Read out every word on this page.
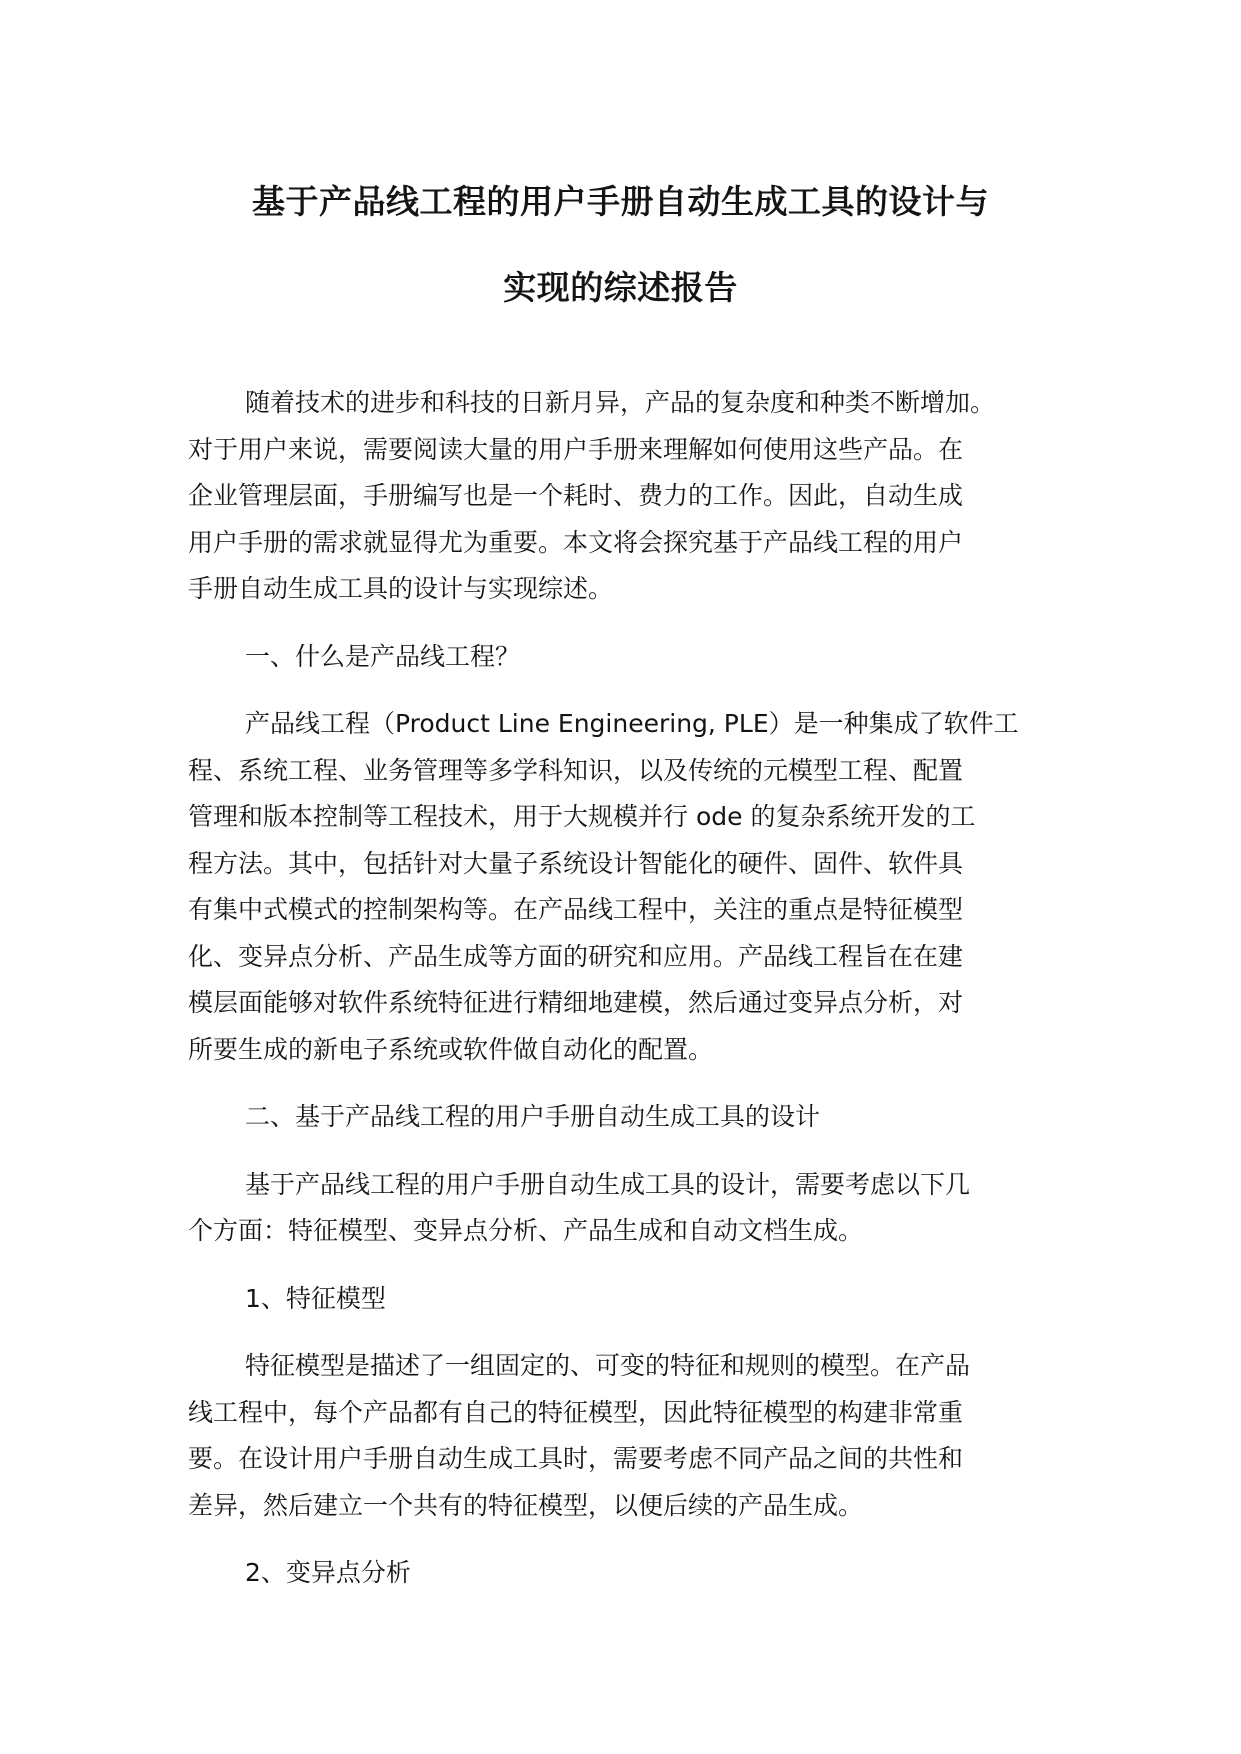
基于产品线工程的用户手册自动生成工具的设计与
实现的综述报告

随着技术的进步和科技的日新月异，产品的复杂度和种类不断增加。
对于用户来说，需要阅读大量的用户手册来理解如何使用这些产品。在
企业管理层面，手册编写也是一个耗时、费力的工作。因此，自动生成
用户手册的需求就显得尤为重要。本文将会探究基于产品线工程的用户
手册自动生成工具的设计与实现综述。

一、什么是产品线工程？

产品线工程（Product Line Engineering, PLE）是一种集成了软件工
程、系统工程、业务管理等多学科知识，以及传统的元模型工程、配置
管理和版本控制等工程技术，用于大规模并行 ode 的复杂系统开发的工
程方法。其中，包括针对大量子系统设计智能化的硬件、固件、软件具
有集中式模式的控制架构等。在产品线工程中，关注的重点是特征模型
化、变异点分析、产品生成等方面的研究和应用。产品线工程旨在在建
模层面能够对软件系统特征进行精细地建模，然后通过变异点分析，对
所要生成的新电子系统或软件做自动化的配置。

二、基于产品线工程的用户手册自动生成工具的设计

基于产品线工程的用户手册自动生成工具的设计，需要考虑以下几
个方面：特征模型、变异点分析、产品生成和自动文档生成。

1、特征模型

特征模型是描述了一组固定的、可变的特征和规则的模型。在产品
线工程中，每个产品都有自己的特征模型，因此特征模型的构建非常重
要。在设计用户手册自动生成工具时，需要考虑不同产品之间的共性和
差异，然后建立一个共有的特征模型，以便后续的产品生成。

2、变异点分析
